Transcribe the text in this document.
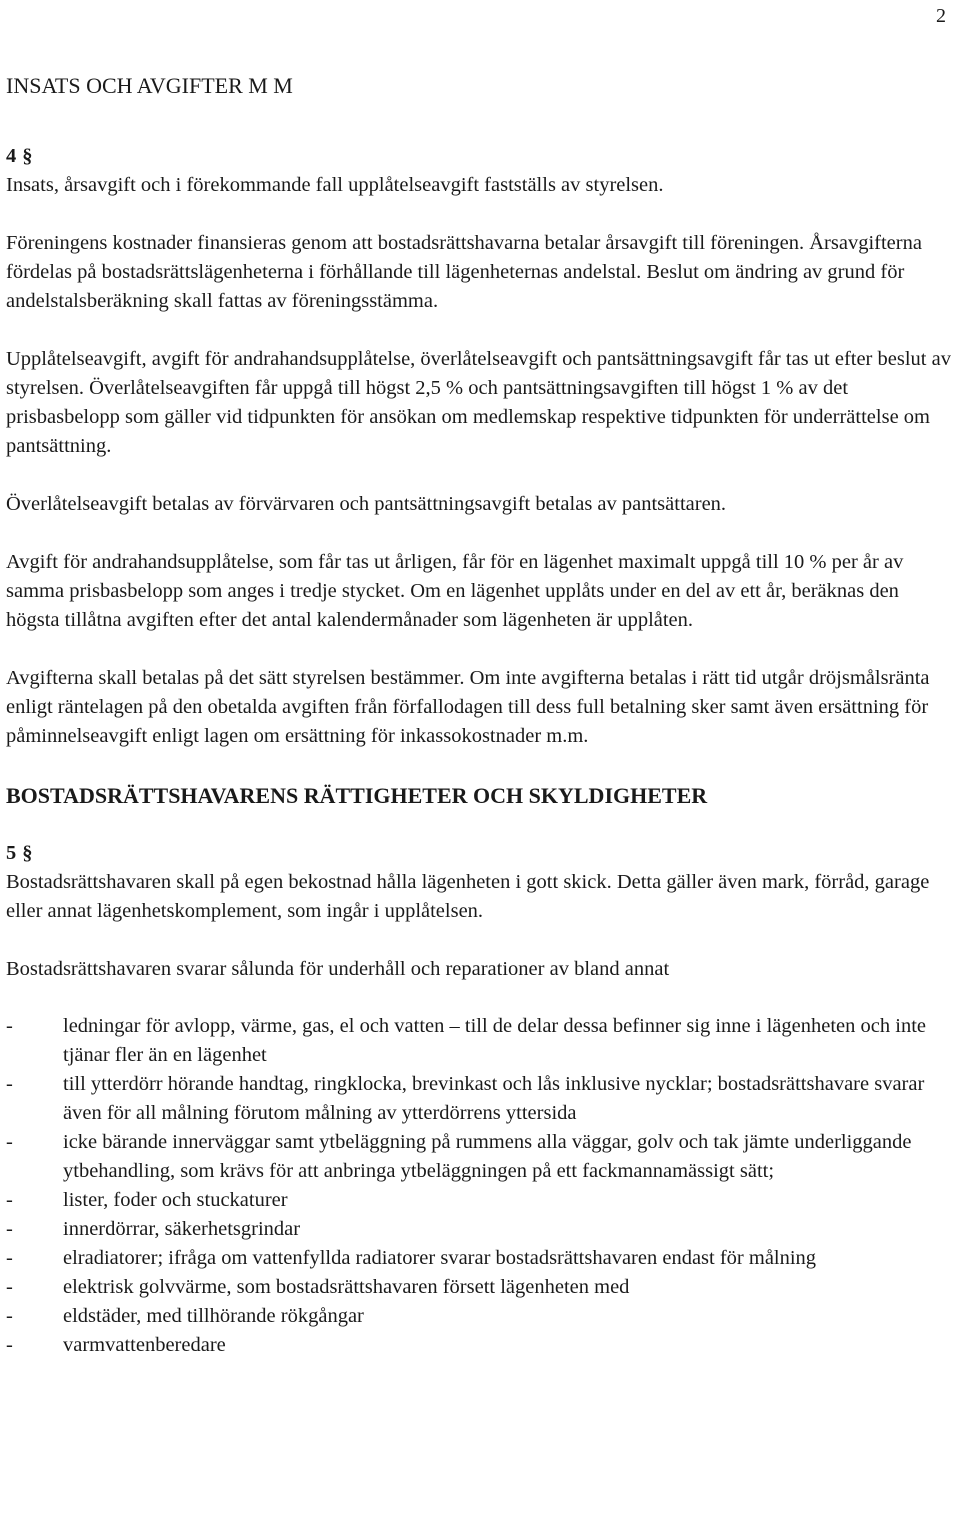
2
INSATS OCH AVGIFTER M M
4 §

Insats, årsavgift och i förekommande fall upplåtelseavgift fastställs av styrelsen.

Föreningens kostnader finansieras genom att bostadsrättshavarna betalar årsavgift till föreningen. Årsavgifterna fördelas på bostadsrättslägenheterna i förhållande till lägenheternas andelstal. Beslut om ändring av grund för andelstalsberäkning skall fattas av föreningsstämma.

Upplåtelseavgift, avgift för andrahandsupplåtelse, överlåtelseavgift och pantsättningsavgift får tas ut efter beslut av styrelsen. Överlåtelseavgiften får uppgå till högst 2,5 % och pantsättningsavgiften till högst 1 % av det prisbasbelopp som gäller vid tidpunkten för ansökan om medlemskap respektive tidpunkten för underrättelse om pantsättning.

Överlåtelseavgift betalas av förvärvaren och pantsättningsavgift betalas av pantsättaren.

Avgift för andrahandsupplåtelse, som får tas ut årligen, får för en lägenhet maximalt uppgå till 10 % per år av samma prisbasbelopp som anges i tredje stycket. Om en lägenhet upplåts under en del av ett år, beräknas den högsta tillåtna avgiften efter det antal kalendermånader som lägenheten är upplåten.

Avgifterna skall betalas på det sätt styrelsen bestämmer. Om inte avgifterna betalas i rätt tid utgår dröjsmålsränta enligt räntelagen på den obetalda avgiften från förfallodagen till dess full betalning sker samt även ersättning för påminnelseavgift enligt lagen om ersättning för inkassokostnader m.m.

BOSTADSRÄTTSHAVARENS RÄTTIGHETER OCH SKYLDIGHETER
5 §

Bostadsrättshavaren skall på egen bekostnad hålla lägenheten i gott skick. Detta gäller även mark, förråd, garage eller annat lägenhetskomplement, som ingår i upplåtelsen.

Bostadsrättshavaren svarar sålunda för underhåll och reparationer av bland annat

- ledningar för avlopp, värme, gas, el och vatten – till de delar dessa befinner sig inne i lägenheten och inte tjänar fler än en lägenhet
- till ytterdörr hörande handtag, ringklocka, brevinkast och lås inklusive nycklar; bostadsrättshavare svarar även för all målning förutom målning av ytterdörrens yttersida
- icke bärande innerväggar samt ytbeläggning på rummens alla väggar, golv och tak jämte underliggande ytbehandling, som krävs för att anbringa ytbeläggningen på ett fackmannamässigt sätt;
- lister, foder och stuckaturer
- innerdörrar, säkerhetsgrindar
- elradiatorer; ifråga om vattenfyllda radiatorer svarar bostadsrättshavaren endast för målning
- elektrisk golvvärme, som bostadsrättshavaren försett lägenheten med
- eldstäder, med tillhörande rökgångar
- varmvattenberedare
